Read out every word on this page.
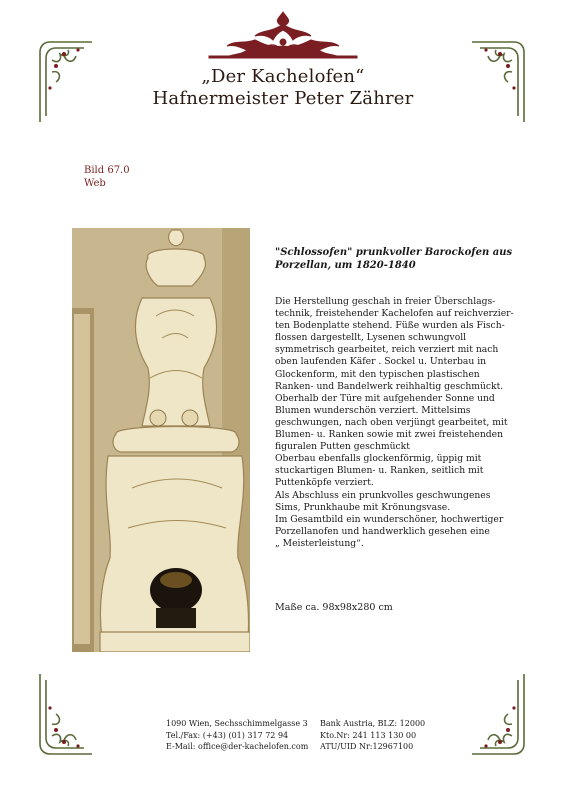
„Der Kachelofen“
Hafnermeister Peter Zährer
Bild 67.0
Web
"Schlossofen" prunkvoller Barockofen aus Porzellan, um 1820-1840
Die Herstellung geschah in freier Überschlags-
technik, freistehender Kachelofen auf reichverzier-
ten Bodenplatte stehend. Füße wurden als Fisch-
flossen dargestellt, Lysenen schwungvoll
symmetrisch gearbeitet, reich verziert mit nach
oben laufenden Käfer . Sockel u. Unterbau in
Glockenform, mit den typischen plastischen
Ranken- und Bandelwerk reihhaltig geschmückt.
Oberhalb der Türe mit aufgehender Sonne und
Blumen wunderschön verziert. Mittelsims
geschwungen, nach oben verjüngt gearbeitet, mit
Blumen- u. Ranken sowie mit zwei freistehenden
figuralen Putten geschmückt
Oberbau ebenfalls glockenförmig, üppig mit
stuckartigen Blumen- u. Ranken, seitlich mit
Puttenköpfe verziert.
Als Abschluss ein prunkvolles geschwungenes
Sims, Prunkhaube mit Krönungsvase.
Im Gesamtbild ein wunderschöner, hochwertiger
Porzellanofen und handwerklich gesehen eine
„ Meisterleistung“.
Maße ca. 98x98x280 cm
1090 Wien, Sechsschimmelgasse 3
Tel./Fax: (+43) (01) 317 72 94
E-Mail: office@der-kachelofen.com
Bank Austria, BLZ: 12000
Kto.Nr: 241 113 130 00
ATU/UID Nr:12967100
